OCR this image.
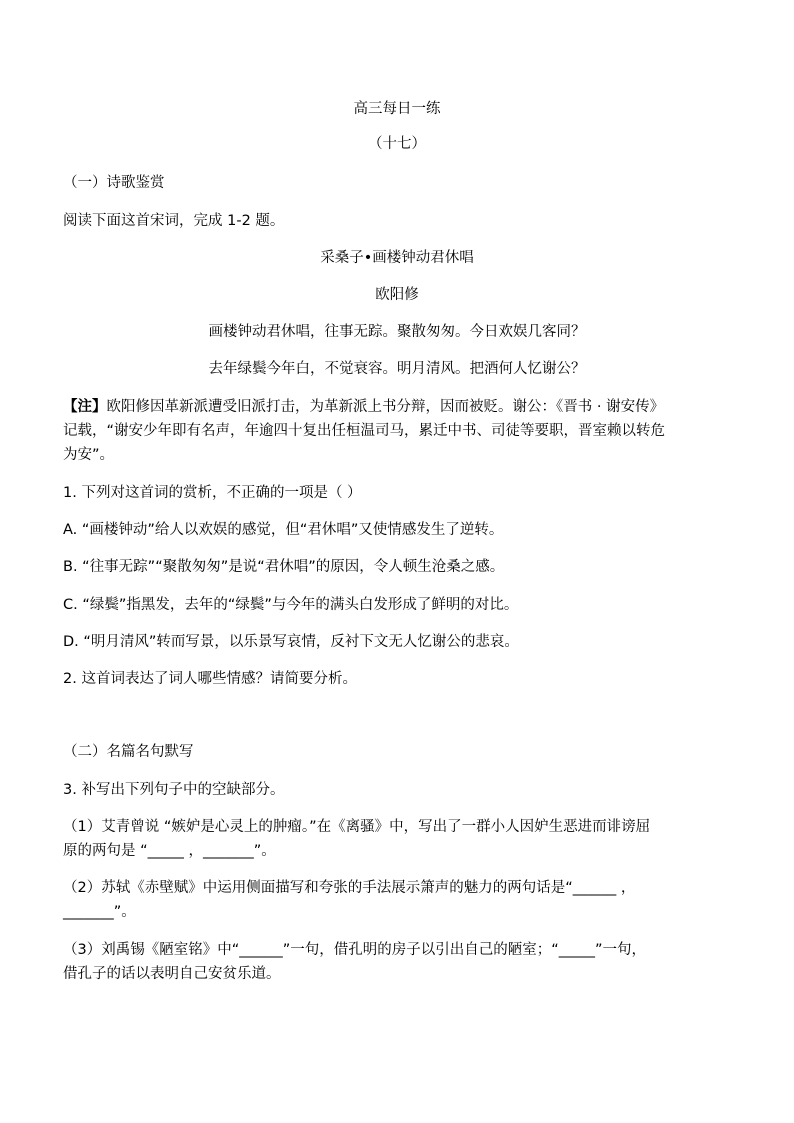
高三每日一练
（十七）
（一）诗歌鉴赏
阅读下面这首宋词，完成 1-2 题。
采桑子•画楼钟动君休唱
欧阳修
画楼钟动君休唱，往事无踪。聚散匆匆。今日欢娱几客同？
去年绿鬓今年白，不觉衰容。明月清风。把酒何人忆谢公？
【注】欧阳修因革新派遭受旧派打击，为革新派上书分辩，因而被贬。谢公：《晋书 · 谢安传》
记载，“谢安少年即有名声，年逾四十复出任桓温司马，累迁中书、司徒等要职，晋室赖以转危
为安”。
1. 下列对这首词的赏析，不正确的一项是（ ）
A. “画楼钟动”给人以欢娱的感觉，但“君休唱”又使情感发生了逆转。
B. “往事无踪”“聚散匆匆”是说“君休唱”的原因，令人顿生沧桑之感。
C. “绿鬓”指黑发，去年的“绿鬓”与今年的满头白发形成了鲜明的对比。
D. “明月清风”转而写景，以乐景写哀情，反衬下文无人忆谢公的悲哀。
2. 这首词表达了词人哪些情感？请简要分析。
（二）名篇名句默写
3. 补写出下列句子中的空缺部分。
（1）艾青曾说 “嫉妒是心灵上的肿瘤。”在《离骚》中，写出了一群小人因妒生恶进而诽谤屈
原的两句是 “_____ ，_______”。
（2）苏轼《赤壁赋》中运用侧面描写和夸张的手法展示箫声的魅力的两句话是“______ ，
_______”。
（3）刘禹锡《陋室铭》中“______”一句，借孔明的房子以引出自己的陋室；“_____”一句，
借孔子的话以表明自己安贫乐道。
